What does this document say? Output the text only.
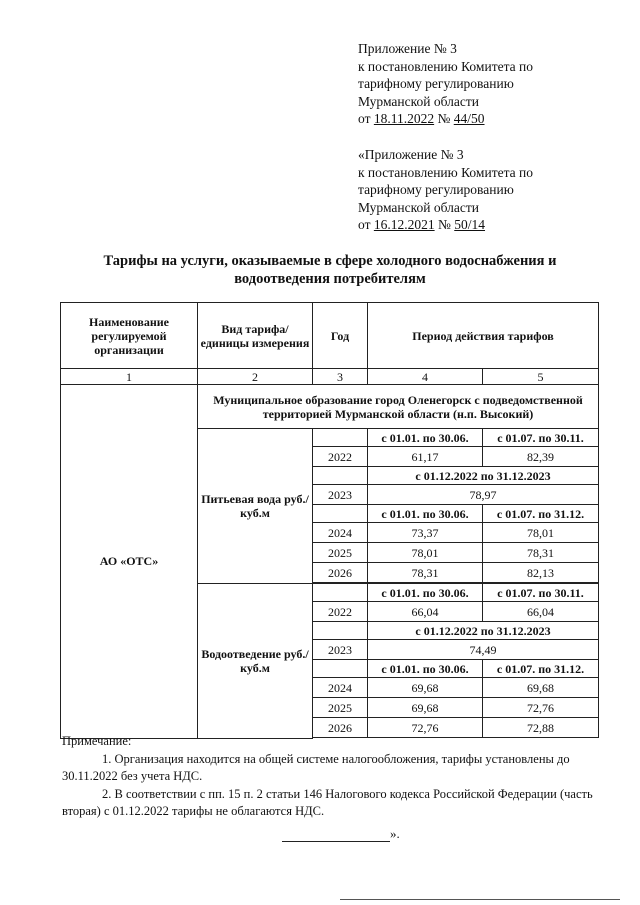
Приложение № 3
к постановлению Комитета по
тарифному регулированию
Мурманской области
от 18.11.2022 № 44/50
«Приложение № 3
к постановлению Комитета по
тарифному регулированию
Мурманской области
от 16.12.2021 № 50/14
Тарифы на услуги, оказываемые в сфере холодного водоснабжения и
водоотведения потребителям
Наименование регулируемой организации	Вид тарифа/единицы измерения	Год	Период действия тарифов	
1	2	3	4	5
АО «ОТС»	Муниципальное образование город Оленегорск с подведомственной территорией Мурманской области (н.п. Высокий)			
	Питьевая вода руб./куб.м		с 01.01. по 30.06.	с 01.07. по 30.11.
		2022	61,17	82,39
			с 01.12.2022 по 31.12.2023	
		2023	78,97	
			с 01.01. по 30.06.	с 01.07. по 31.12.
		2024	73,37	78,01
		2025	78,01	78,31
		2026	78,31	82,13

	Водоотведение руб./куб.м		с 01.01. по 30.06.	с 01.07. по 30.11.
		2022	66,04	66,04
			с 01.12.2022 по 31.12.2023	
		2023	74,49	
			с 01.01. по 30.06.	с 01.07. по 31.12.
		2024	69,68	69,68
		2025	69,68	72,76
		2026	72,76	72,88

Примечание:
1. Организация находится на общей системе налогообложения, тарифы установлены до 30.11.2022 без учета НДС.
2. В соответствии с пп. 15 п. 2 статьи 146 Налогового кодекса Российской Федерации (часть вторая) с 01.12.2022 тарифы не облагаются НДС.
».
